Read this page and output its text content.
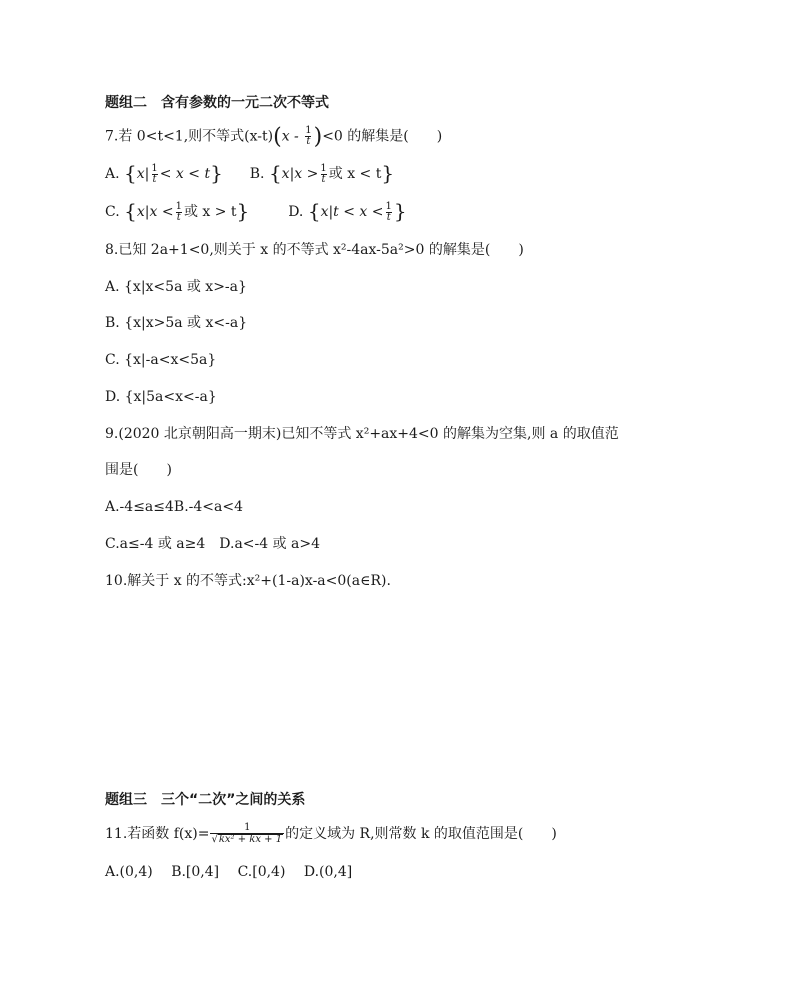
题组二　含有参数的一元二次不等式
7.若 0<t<1,则不等式$(x-t)(x - \frac{1}{t} )<0$ 的解集是(　　)
A. $\{x| \frac{1}{t} < x < t\}$ B. {$x|x > \frac{1}{t}$ 或 x < t}
C. {$x|x < \frac{1}{t}$ 或 x > t}	D. {$x|t < x < \frac{1}{t}$ }
8.已知 2a+1<0,则关于 x 的不等式 x²-4ax-5a²>0 的解集是(　　)
A. {x|x<5a 或 x>-a}
B. {x|x>5a 或 x<-a}
C. {x|-a<x<5a}
D. {x|5a<x<-a}
9.(2020 北京朝阳高一期末)已知不等式 x²+ax+4<0 的解集为空集,则 a 的取值范
围是(　　)
A.-4≤a≤4B.-4<a<4
C.a≤-4 或 a≥4　D.a<-4 或 a>4
10.解关于 x 的不等式:x²+(1-a)x-a<0(a∈R).
题组三　三个“二次”之间的关系
11.若函数 $f(x)= \frac{1}{\text{√kx² + kx + 1}}$ 的定义域为 R,则常数 k 的取值范围是(　　)
A.(0,4)　 B.[0,4]　 C.[0,4)　 D.(0,4]
